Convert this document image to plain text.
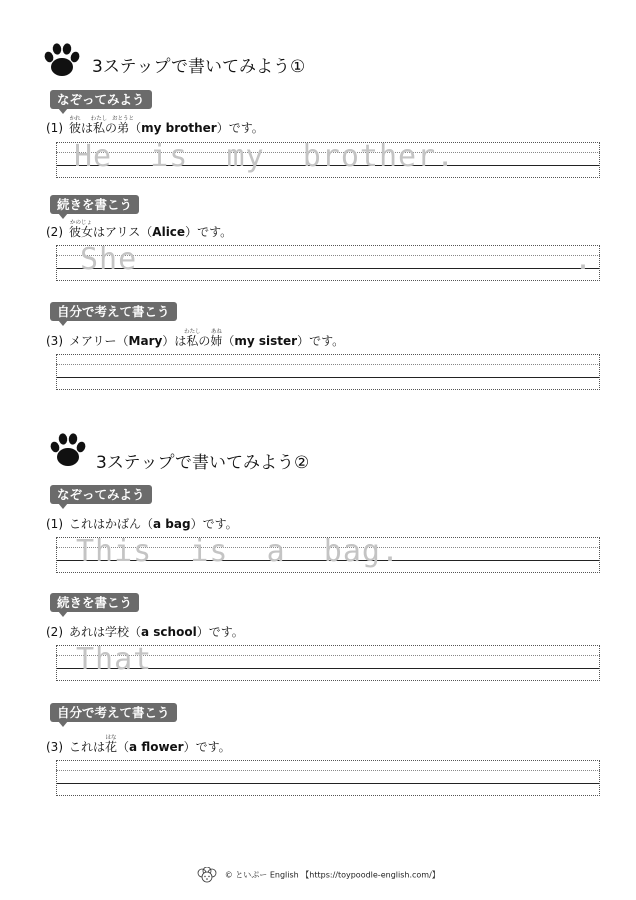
3ステップで書いてみよう①
なぞってみよう
(1) 彼
かれ
は私
わたし
の弟
おとうと
（my brother）です。
He  is  my  brother.
続きを書こう
(2) 彼女
かのじょ
はアリス（Alice）です。
She	.
自分で考えて書こう
(3) メアリー（Mary）は私
わたし
の姉
あね
（my sister）です。
3ステップで書いてみよう②
なぞってみよう
(1) これはかばん（a bag）です。
This  is  a  bag.
続きを書こう
(2) あれは学校（a school）です。
That
自分で考えて書こう
(3) これは花
はな
（a flower）です。
© といぷー English 【https://toypoodle-english.com/】
